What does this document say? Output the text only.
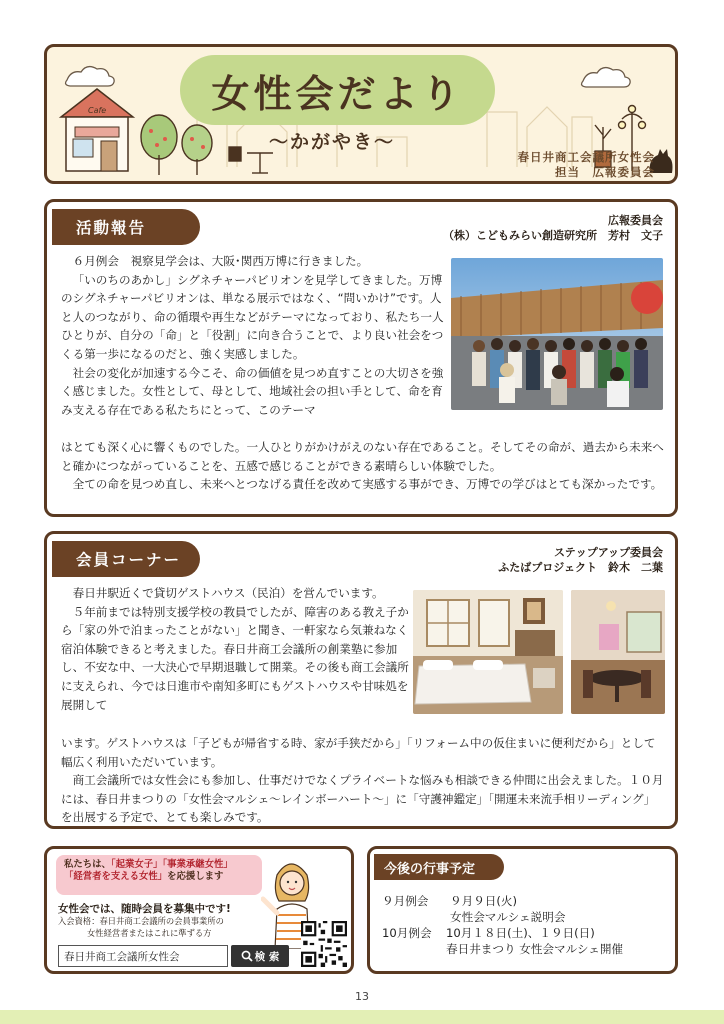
Cafe	女性会だより
～かがやき～
春日井商工会議所女性会
担当　広報委員会
活動報告	広報委員会
（株）こどもみらい創造研究所　芳村　文子

６月例会　視察見学会は、大阪･関西万博に行きました。

「いのちのあかし」シグネチャーパビリオンを見学してきました。万博のシグネチャーパビリオンは、単なる展示ではなく、“問いかけ”です。人と人のつながり、命の循環や再生などがテーマになっており、私たち一人ひとりが、自分の「命」と「役割」に向き合うことで、より良い社会をつくる第一歩になるのだと、強く実感しました。

社会の変化が加速する今こそ、命の価値を見つめ直すことの大切さを強く感じました。女性として、母として、地域社会の担い手として、命を育み支える存在である私たちにとって、このテーマ

はとても深く心に響くものでした。一人ひとりがかけがえのない存在であること。そしてその命が、過去から未来へと確かにつながっていることを、五感で感じることができる素晴らしい体験でした。

全ての命を見つめ直し、未来へとつなげる責任を改めて実感する事ができ、万博での学びはとても深かったです。

会員コーナー	ステップアップ委員会
ふたばプロジェクト　鈴木　二葉

春日井駅近くで貸切ゲストハウス（民泊）を営んでいます。

５年前までは特別支援学校の教員でしたが、障害のある教え子から「家の外で泊まったことがない」と聞き、一軒家なら気兼ねなく宿泊体験できると考えました。春日井商工会議所の創業塾に参加し、不安な中、一大決心で早期退職して開業。その後も商工会議所に支えられ、今では日進市や南知多町にもゲストハウスや甘味処を展開して

います。ゲストハウスは「子どもが帰省する時、家が手狭だから」「リフォーム中の仮住まいに便利だから」として幅広く利用いただいています。

商工会議所では女性会にも参加し、仕事だけでなくプライベートな悩みも相談できる仲間に出会えました。１０月には、春日井まつりの「女性会マルシェ～レインボーハート～」に「守護神鑑定」「開運未来流手相リーディング」を出展する予定で、とても楽しみです。

私たちは、「起業女子」「事業承継女性」
「経営者を支える女性」を応援します
女性会では、随時会員を募集中です!
入会資格：春日井商工会議所の会員事業所の
女性経営者またはこれに準ずる方
春日井商工会議所女性会	検 索
今後の行事予定
９月例会 ９月９日(火)
女性会マルシェ説明会
10月例会 10月１８日(土)、１９日(日)
春日井まつり 女性会マルシェ開催
13
